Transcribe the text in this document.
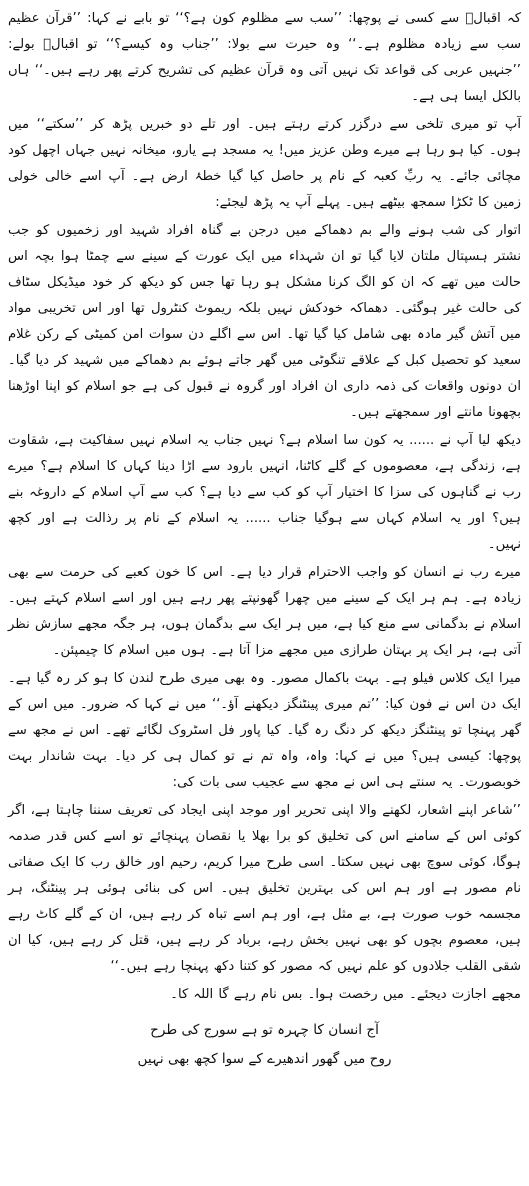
کہ اقبالؒ سے کسی نے پوچھا: ’’سب سے مظلوم کون ہے؟‘‘ تو بابے نے کہا: ’’قرآن عظیم سب سے زیادہ مظلوم ہے۔‘‘ وہ حیرت سے بولا: ’’جناب وہ کیسے؟‘‘ تو اقبالؒ بولے: ’’جنہیں عربی کی قواعد تک نہیں آتی وہ قرآن عظیم کی تشریح کرتے پھر رہے ہیں۔‘‘ ہاں بالکل ایسا ہی ہے۔

آپ تو میری تلخی سے درگزر کرتے رہتے ہیں۔ اور تلے دو خبریں پڑھ کر ’’سکتے‘‘ میں ہوں۔ کیا ہو رہا ہے میرے وطن عزیز میں! یہ مسجد ہے یارو، میخانہ نہیں جہاں اچھل کود مچائی جائے۔ یہ ربِّ کعبہ کے نام پر حاصل کیا گیا خطۂ ارض ہے۔ آپ اسے خالی خولی زمین کا ٹکڑا سمجھ بیٹھے ہیں۔ پہلے آپ یہ پڑھ لیجئے:

اتوار کی شب ہونے والے بم دھماکے میں درجن بے گناہ افراد شہید اور زخمیوں کو جب نشتر ہسپتال ملتان لایا گیا تو ان شہداء میں ایک عورت کے سینے سے چمٹا ہوا بچہ اس حالت میں تھے کہ ان کو الگ کرنا مشکل ہو رہا تھا جس کو دیکھ کر خود میڈیکل سٹاف کی حالت غیر ہوگئی۔ دھماکہ خودکش نہیں بلکہ ریموٹ کنٹرول تھا اور اس تخریبی مواد میں آتش گیر مادہ بھی شامل کیا گیا تھا۔ اس سے اگلے دن سوات امن کمیٹی کے رکن غلام سعید کو تحصیل کبل کے علاقے تنگوٹی میں گھر جاتے ہوئے بم دھماکے میں شہید کر دیا گیا۔ ان دونوں واقعات کی ذمہ داری ان افراد اور گروہ نے قبول کی ہے جو اسلام کو اپنا اوڑھنا بچھونا مانتے اور سمجھتے ہیں۔

دیکھ لیا آپ نے ...... یہ کون سا اسلام ہے؟ نہیں جناب یہ اسلام نہیں سفاکیت ہے، شقاوت ہے، زندگی ہے، معصوموں کے گلے کاٹنا، انہیں بارود سے اڑا دینا کہاں کا اسلام ہے؟ میرے رب نے گناہوں کی سزا کا اختیار آپ کو کب سے دیا ہے؟ کب سے آپ اسلام کے داروغہ بنے ہیں؟ اور یہ اسلام کہاں سے ہوگیا جناب ...... یہ اسلام کے نام پر رذالت ہے اور کچھ نہیں۔

میرے رب نے انسان کو واجب الاحترام قرار دیا ہے۔ اس کا خون کعبے کی حرمت سے بھی زیادہ ہے۔ ہم ہر ایک کے سینے میں چھرا گھونپتے پھر رہے ہیں اور اسے اسلام کہتے ہیں۔ اسلام نے بدگمانی سے منع کیا ہے، میں ہر ایک سے بدگمان ہوں، ہر جگہ مجھے سازش نظر آتی ہے، ہر ایک پر بہتان طرازی میں مجھے مزا آتا ہے۔ ہوں میں اسلام کا چیمپئن۔

میرا ایک کلاس فیلو ہے۔ بہت باکمال مصور۔ وہ بھی میری طرح لندن کا ہو کر رہ گیا ہے۔ ایک دن اس نے فون کیا: ’’تم میری پینٹنگز دیکھنے آؤ۔‘‘ میں نے کہا کہ ضرور۔ میں اس کے گھر پہنچا تو پینٹنگز دیکھ کر دنگ رہ گیا۔ کیا پاور فل اسٹروک لگائے تھے۔ اس نے مجھ سے پوچھا: کیسی ہیں؟ میں نے کہا: واہ، واہ تم نے تو کمال ہی کر دیا۔ بہت شاندار بہت خوبصورت۔ یہ سنتے ہی اس نے مجھ سے عجیب سی بات کی:

’’شاعر اپنے اشعار، لکھنے والا اپنی تحریر اور موجد اپنی ایجاد کی تعریف سننا چاہتا ہے، اگر کوئی اس کے سامنے اس کی تخلیق کو برا بھلا یا نقصان پہنچائے تو اسے کس قدر صدمہ ہوگا، کوئی سوچ بھی نہیں سکتا۔ اسی طرح میرا کریم، رحیم اور خالق رب کا ایک صفاتی نام مصور ہے اور ہم اس کی بہترین تخلیق ہیں۔ اس کی بنائی ہوئی ہر پینٹنگ، ہر مجسمہ خوب صورت ہے، بے مثل ہے، اور ہم اسے تباہ کر رہے ہیں، ان کے گلے کاٹ رہے ہیں، معصوم بچوں کو بھی نہیں بخش رہے، برباد کر رہے ہیں، قتل کر رہے ہیں، کیا ان شقی القلب جلادوں کو علم نہیں کہ مصور کو کتنا دکھ پہنچا رہے ہیں۔‘‘

مجھے اجازت دیجئے۔ میں رخصت ہوا۔ بس نام رہے گا اللہ کا۔

آج انسان کا چہرہ تو ہے سورج کی طرح
روح میں گھور اندھیرے کے سوا کچھ بھی نہیں
